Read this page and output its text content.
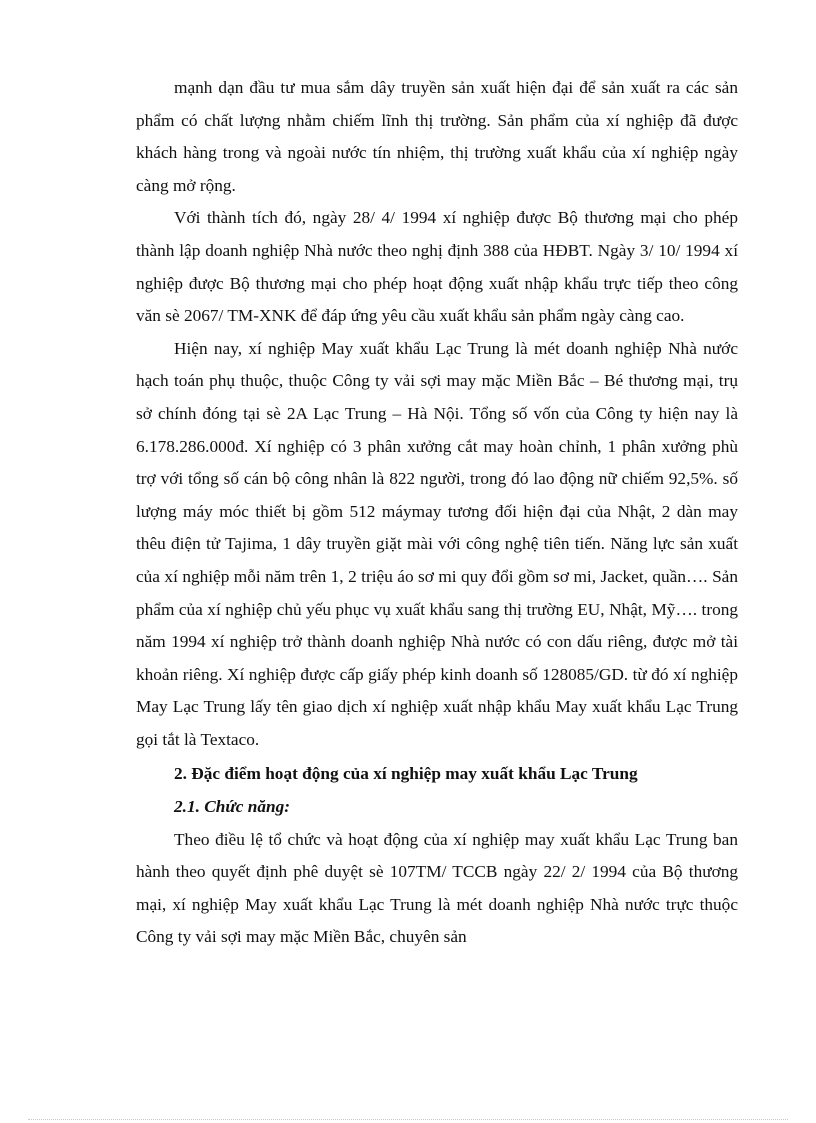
mạnh dạn đầu tư mua sắm dây truyền sản xuất hiện đại để sản xuất ra các sản phẩm có chất lượng nhằm chiếm lĩnh thị trường. Sản phẩm của xí nghiệp đã được khách hàng trong và ngoài nước tín nhiệm, thị trường xuất khẩu của xí nghiệp ngày càng mở rộng.

Với thành tích đó, ngày 28/ 4/ 1994 xí nghiệp được Bộ thương mại cho phép thành lập doanh nghiệp Nhà nước theo nghị định 388 của HĐBT. Ngày 3/ 10/ 1994 xí nghiệp được Bộ thương mại cho phép hoạt động xuất nhập khẩu trực tiếp theo công văn sè 2067/ TM-XNK để đáp ứng yêu cầu xuất khẩu sản phẩm ngày càng cao.

Hiện nay, xí nghiệp May xuất khẩu Lạc Trung là mét doanh nghiệp Nhà nước hạch toán phụ thuộc, thuộc Công ty vải sợi may mặc Miền Bắc – Bé thương mại, trụ sở chính đóng tại sè 2A Lạc Trung – Hà Nội. Tổng số vốn của Công ty hiện nay là 6.178.286.000đ. Xí nghiệp có 3 phân xưởng cắt may hoàn chỉnh, 1 phân xưởng phù trợ với tổng số cán bộ công nhân là 822 người, trong đó lao động nữ chiếm 92,5%. số lượng máy móc thiết bị gồm 512 máymay tương đối hiện đại của Nhật, 2 dàn may thêu điện tử Tajima, 1 dây truyền giặt mài với công nghệ tiên tiến. Năng lực sản xuất của xí nghiệp mỗi năm trên 1, 2 triệu áo sơ mi quy đổi gồm sơ mi, Jacket, quần…. Sản phẩm của xí nghiệp chủ yếu phục vụ xuất khẩu sang thị trường EU, Nhật, Mỹ…. trong năm 1994 xí nghiệp trở thành doanh nghiệp Nhà nước có con dấu riêng, được mở tài khoản riêng. Xí nghiệp được cấp giấy phép kinh doanh số 128085/GD. từ đó xí nghiệp May Lạc Trung lấy tên giao dịch xí nghiệp xuất nhập khẩu May xuất khẩu Lạc Trung gọi tắt là Textaco.

2. Đặc điểm hoạt động của xí nghiệp may xuất khẩu Lạc Trung
2.1. Chức năng:

Theo điều lệ tổ chức và hoạt động của xí nghiệp may xuất khẩu Lạc Trung ban hành theo quyết định phê duyệt sè 107TM/ TCCB ngày 22/ 2/ 1994 của Bộ thương mại, xí nghiệp May xuất khẩu Lạc Trung là mét doanh nghiệp Nhà nước trực thuộc Công ty vải sợi may mặc Miền Bắc, chuyên sản
